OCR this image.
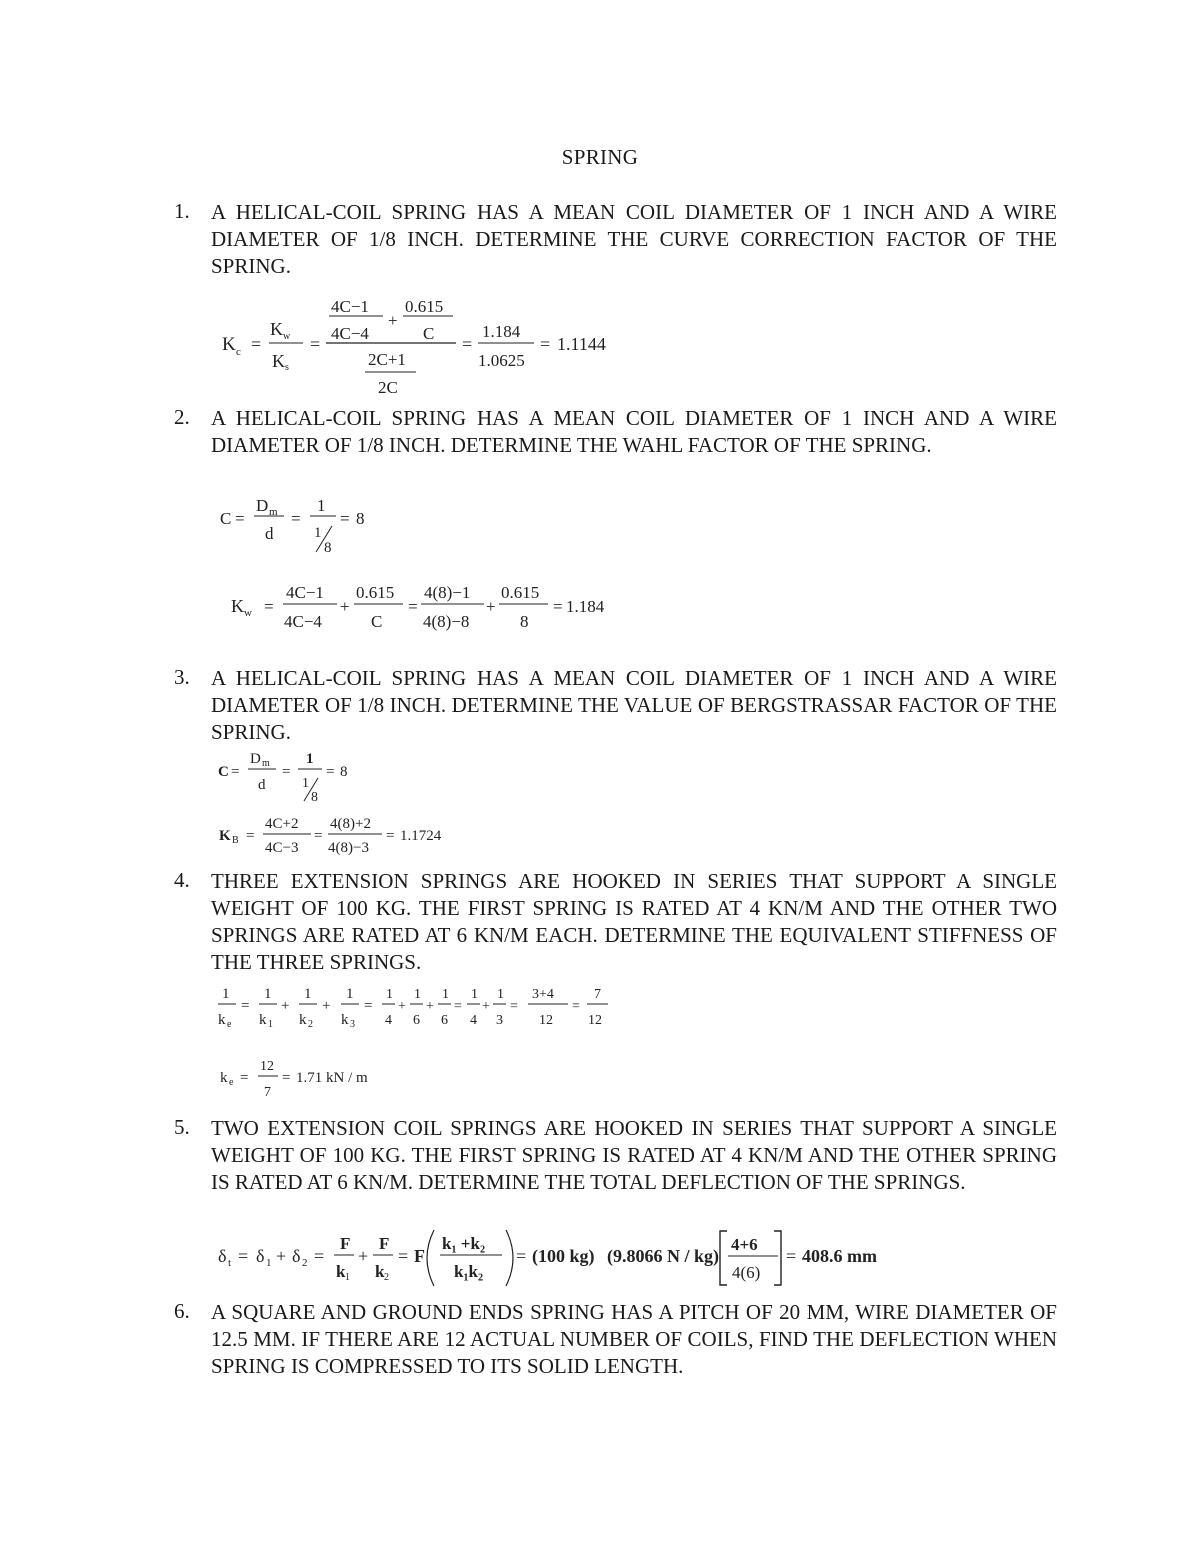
SPRING
1. A HELICAL-COIL SPRING HAS A MEAN COIL DIAMETER OF 1 INCH AND A WIRE DIAMETER OF 1/8 INCH. DETERMINE THE CURVE CORRECTION FACTOR OF THE SPRING.
K c =
K w
K s
=
4C−1
4C−4
+
0.615
C
2C+1
2C
=
1.184
1.0625
= 1.1144
2. A HELICAL-COIL SPRING HAS A MEAN COIL DIAMETER OF 1 INCH AND A WIRE DIAMETER OF 1/8 INCH. DETERMINE THE WAHL FACTOR OF THE SPRING.
C =
D m
d
=
1
1
8
= 8
K w =
4C−1
4C−4
+
0.615
C
=
4(8)−1
4(8)−8
+
0.615
8
= 1.184
3. A HELICAL-COIL SPRING HAS A MEAN COIL DIAMETER OF 1 INCH AND A WIRE DIAMETER OF 1/8 INCH. DETERMINE THE VALUE OF BERGSTRASSAR FACTOR OF THE SPRING.
C =
D m
d
=
1
1
8
= 8
K B =
4C+2
4C−3
=
4(8)+2
4(8)−3
= 1.1724
4. THREE EXTENSION SPRINGS ARE HOOKED IN SERIES THAT SUPPORT A SINGLE WEIGHT OF 100 KG. THE FIRST SPRING IS RATED AT 4 KN/M AND THE OTHER TWO SPRINGS ARE RATED AT 6 KN/M EACH. DETERMINE THE EQUIVALENT STIFFNESS OF THE THREE SPRINGS.
1
k e
=
1
k 1
+
1
k 2
+
1
k 3
=
1
4
+
1
6
+
1
6
=
1
4
+
1
3
=
3+4
12
=
7
12
k e =
12
7
= 1.71 kN / m
5. TWO EXTENSION COIL SPRINGS ARE HOOKED IN SERIES THAT SUPPORT A SINGLE WEIGHT OF 100 KG. THE FIRST SPRING IS RATED AT 4 KN/M AND THE OTHER SPRING IS RATED AT 6 KN/M. DETERMINE THE TOTAL DEFLECTION OF THE SPRINGS.
δ t = δ 1 + δ 2 =
F
k 1
+
F
k 2
= F
k₁ +k₂
k₁k₂
= (100 kg) (9.8066 N / kg)
4+6
4(6)
= 408.6 mm
6. A SQUARE AND GROUND ENDS SPRING HAS A PITCH OF 20 MM, WIRE DIAMETER OF 12.5 MM. IF THERE ARE 12 ACTUAL NUMBER OF COILS, FIND THE DEFLECTION WHEN SPRING IS COMPRESSED TO ITS SOLID LENGTH.
